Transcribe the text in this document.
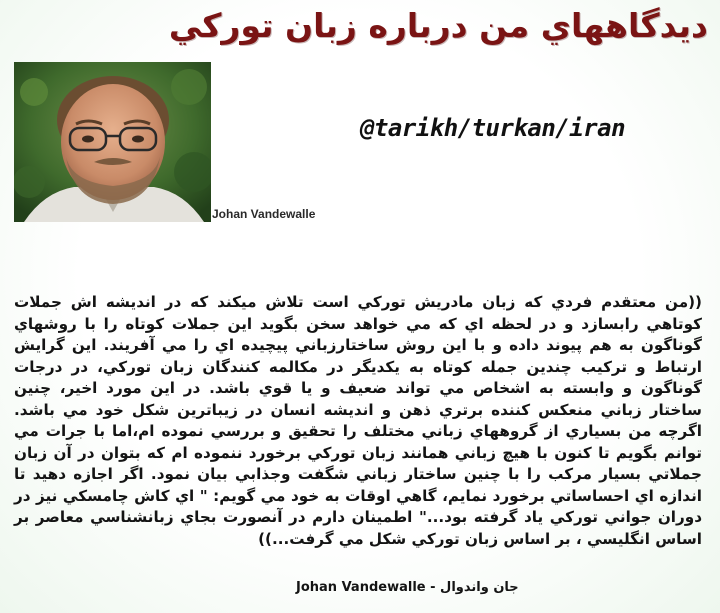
ديدگاههاي من درباره زبان توركي
Johan Vandewalle
@tarikh/turkan/iran

((من معتقدم فردي كه زبان مادريش توركي است تلاش ميكند كه در انديشه اش جملات كوتاهي رابسازد و در لحظه اي كه مي خواهد سخن بگويد اين جملات كوتاه را با روشهاي گوناگون به هم پيوند داده و با اين روش ساختارزباني پيچيده اي را مي آفريند. اين گرايش ارتباط و تركيب چندين جمله كوتاه به يكديگر در مكالمه كنندگان زبان توركي، در درجات گوناگون و وابسته به اشخاص مي تواند ضعيف و يا قوي باشد. در اين مورد اخير، چنين ساختار زباني منعكس كننده برتري ذهن و انديشه انسان در زيباترين شكل خود مي باشد. اگرچه من بسياري از گروههاي زباني مختلف را تحقيق و بررسي نموده ام،اما با جرات مي توانم بگويم تا كنون با هيچ زباني همانند زبان توركي برخورد ننموده ام كه بتوان در آن زبان جملاتي بسيار مركب را با چنين ساختار زباني شگفت وجذابي بيان نمود. اگر اجازه دهيد تا اندازه اي احساساتي برخورد نمايم، گاهي اوقات به خود مي گويم: " اي كاش چامسكي نيز در دوران جواني توركي ياد گرفته بود..." اطمينان دارم در آنصورت بجاي زبانشناسي معاصر بر اساس انگليسي ، بر اساس زبان توركي شكل مي گرفت...))

Johan Vandewalle - جان واندوال
